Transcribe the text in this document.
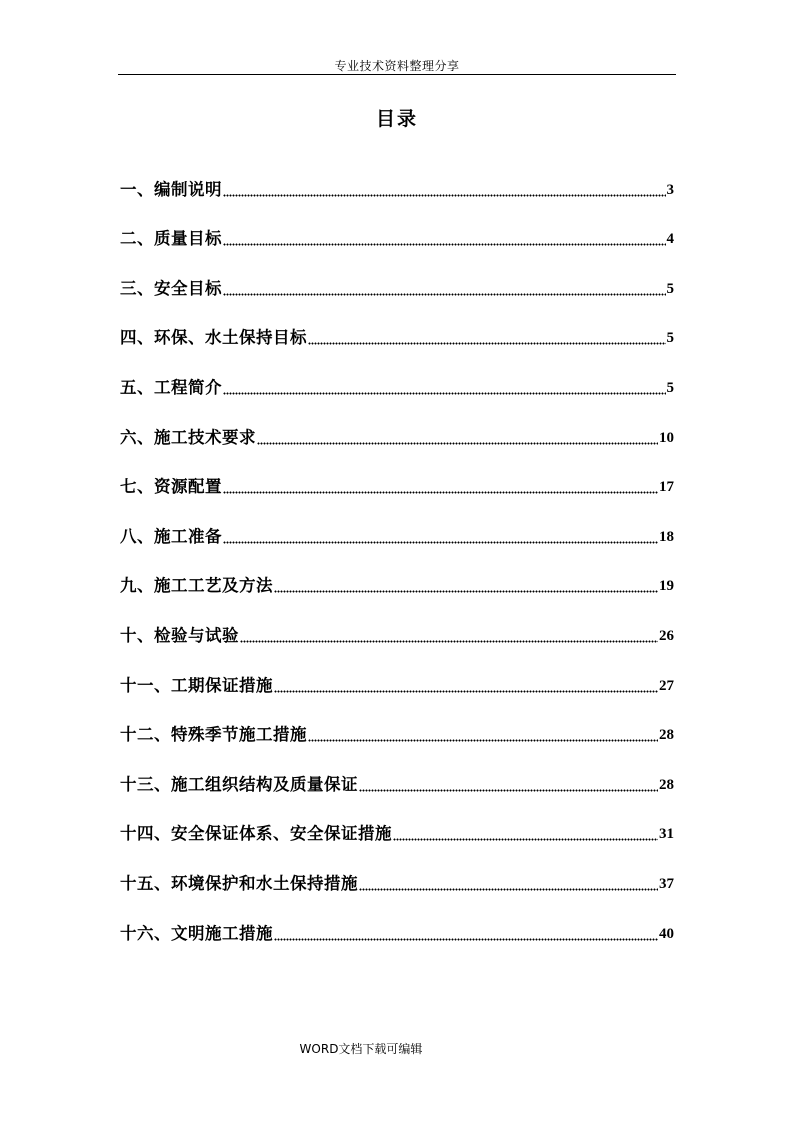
专业技术资料整理分享
目录
一、编制说明	3
二、质量目标	4
三、安全目标	5
四、环保、水土保持目标	5
五、工程简介	5
六、施工技术要求	10
七、资源配置	17
八、施工准备	18
九、施工工艺及方法	19
十、检验与试验	26
十一、工期保证措施	27
十二、特殊季节施工措施	28
十三、施工组织结构及质量保证	28
十四、安全保证体系、安全保证措施	31
十五、环境保护和水土保持措施	37
十六、文明施工措施	40
WORD文档下载可编辑
